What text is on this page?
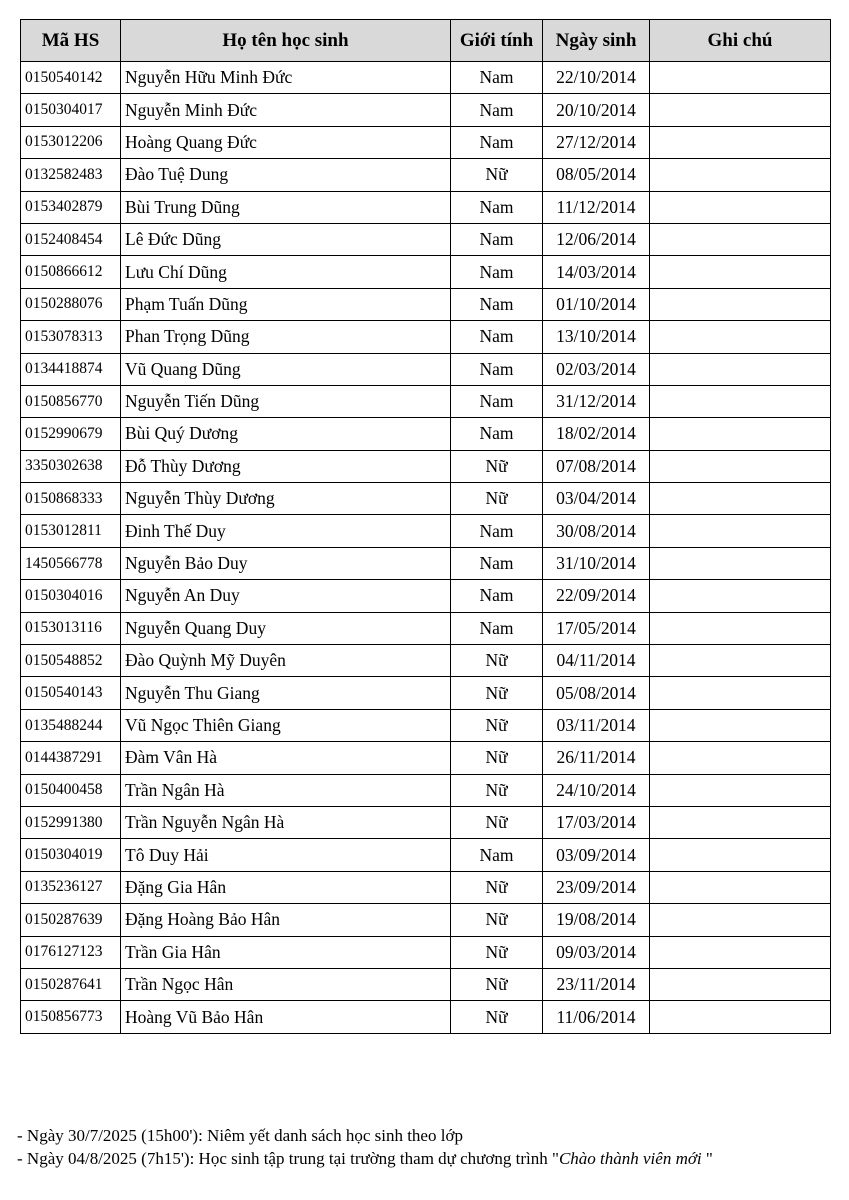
Mã HS	Họ tên học sinh	Giới tính	Ngày sinh	Ghi chú
0150540142	Nguyễn Hữu Minh Đức	Nam	22/10/2014	
0150304017	Nguyễn Minh Đức	Nam	20/10/2014	
0153012206	Hoàng Quang Đức	Nam	27/12/2014	
0132582483	Đào Tuệ Dung	Nữ	08/05/2014	
0153402879	Bùi Trung Dũng	Nam	11/12/2014	
0152408454	Lê Đức Dũng	Nam	12/06/2014	
0150866612	Lưu Chí Dũng	Nam	14/03/2014	
0150288076	Phạm Tuấn Dũng	Nam	01/10/2014	
0153078313	Phan Trọng Dũng	Nam	13/10/2014	
0134418874	Vũ Quang Dũng	Nam	02/03/2014	
0150856770	Nguyễn Tiến Dũng	Nam	31/12/2014	
0152990679	Bùi Quý Dương	Nam	18/02/2014	
3350302638	Đỗ Thùy Dương	Nữ	07/08/2014	
0150868333	Nguyễn Thùy Dương	Nữ	03/04/2014	
0153012811	Đinh Thế Duy	Nam	30/08/2014	
1450566778	Nguyễn Bảo Duy	Nam	31/10/2014	
0150304016	Nguyễn An Duy	Nam	22/09/2014	
0153013116	Nguyễn Quang Duy	Nam	17/05/2014	
0150548852	Đào Quỳnh Mỹ Duyên	Nữ	04/11/2014	
0150540143	Nguyễn Thu Giang	Nữ	05/08/2014	
0135488244	Vũ Ngọc Thiên Giang	Nữ	03/11/2014	
0144387291	Đàm Vân Hà	Nữ	26/11/2014	
0150400458	Trần Ngân Hà	Nữ	24/10/2014	
0152991380	Trần Nguyễn Ngân Hà	Nữ	17/03/2014	
0150304019	Tô Duy Hải	Nam	03/09/2014	
0135236127	Đặng Gia Hân	Nữ	23/09/2014	
0150287639	Đặng Hoàng Bảo Hân	Nữ	19/08/2014	
0176127123	Trần Gia Hân	Nữ	09/03/2014	
0150287641	Trần Ngọc Hân	Nữ	23/11/2014	
0150856773	Hoàng Vũ Bảo Hân	Nữ	11/06/2014	
- Ngày 30/7/2025 (15h00'): Niêm yết danh sách học sinh theo lớp
- Ngày 04/8/2025 (7h15'): Học sinh tập trung tại trường tham dự chương trình "Chào thành viên mới "
